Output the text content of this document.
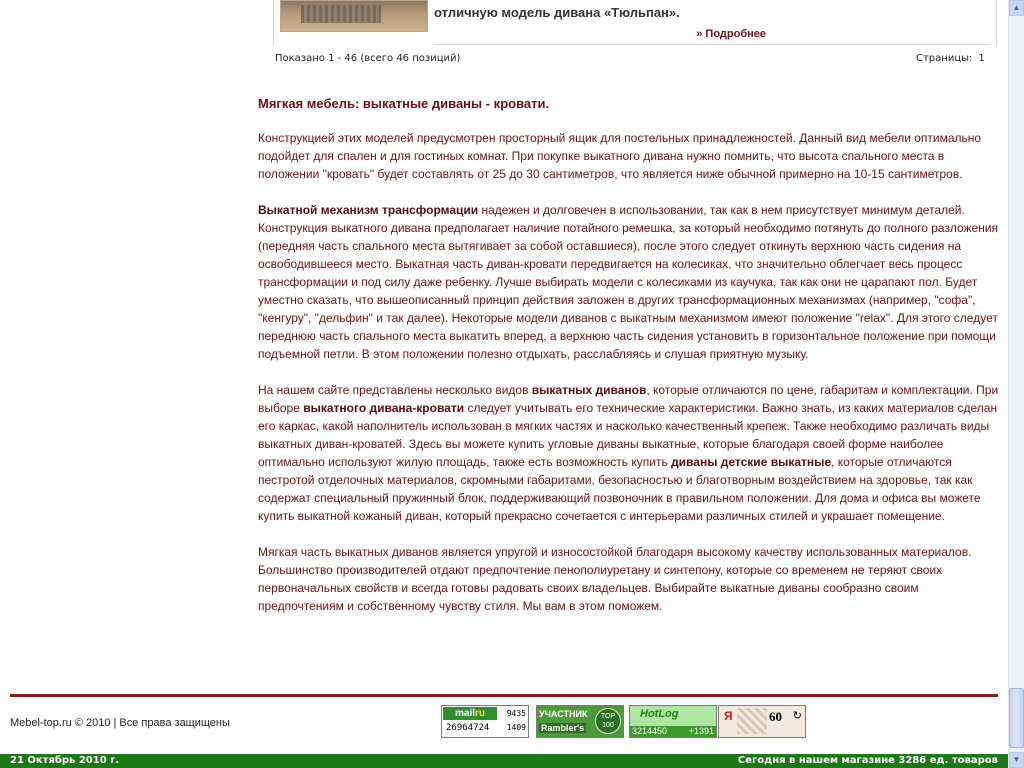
отличную модель дивана «Тюльпан».
» Подробнее
Показано 1 - 46 (всего 46 позиций)	Страницы: 1
Мягкая мебель: выкатные диваны - кровати.

Конструкцией этих моделей предусмотрен просторный ящик для постельных принадлежностей. Данный вид мебели оптимально подойдет для спален и для гостиных комнат. При покупке выкатного дивана нужно помнить, что высота спального места в положении "кровать" будет составлять от 25 до 30 сантиметров, что является ниже обычной примерно на 10-15 сантиметров.

Выкатной механизм трансформации надежен и долговечен в использовании, так как в нем присутствует минимум деталей. Конструкция выкатного дивана предполагает наличие потайного ремешка, за который необходимо потянуть до полного разложения (передняя часть спального места вытягивает за собой оставшиеся), после этого следует откинуть верхнюю часть сидения на освободившееся место. Выкатная часть диван-кровати передвигается на колесиках, что значительно облегчает весь процесс трансформации и под силу даже ребенку. Лучше выбирать модели с колесиками из каучука, так как они не царапают пол. Будет уместно сказать, что вышеописанный принцип действия заложен в других трансформационных механизмах (например, "софа", "кенгуру", "дельфин" и так далее). Некоторые модели диванов с выкатным механизмом имеют положение "relax". Для этого следует переднюю часть спального места выкатить вперед, а верхнюю часть сидения установить в горизонтальное положение при помощи подъемной петли. В этом положении полезно отдыхать, расслабляясь и слушая приятную музыку.

На нашем сайте представлены несколько видов выкатных диванов, которые отличаются по цене, габаритам и комплектации. При выборе выкатного дивана-кровати следует учитывать его технические характеристики. Важно знать, из каких материалов сделан его каркас, какой наполнитель использован в мягких частях и насколько качественный крепеж. Также необходимо различать виды выкатных диван-кроватей. Здесь вы можете купить угловые диваны выкатные, которые благодаря своей форме наиболее оптимально используют жилую площадь, также есть возможность купить диваны детские выкатные, которые отличаются пестротой отделочных материалов, скромными габаритами, безопасностью и благотворным воздействием на здоровье, так как содержат специальный пружинный блок, поддерживающий позвоночник в правильном положении. Для дома и офиса вы можете купить выкатной кожаный диван, который прекрасно сочетается с интерьерами различных стилей и украшает помещение.

Мягкая часть выкатных диванов является упругой и износостойкой благодаря высокому качеству использованных материалов. Большинство производителей отдают предпочтение пенополиуретану и синтепону, которые со временем не теряют своих первоначальных свойств и всегда готовы радовать своих владельцев. Выбирайте выкатные диваны сообразно своим предпочтениям и собственному чувству стиля. Мы вам в этом поможем.

Mebel-top.ru © 2010 | Все права защищены
mailru
26964724
9435
1409
УЧАСТНИК
Rambler's
TOP
100
HotLog
3214450 +1391
Я	60 ↻
21 Октябрь 2010 г.	Сегодня в нашем магазине 3286 ед. товаров
▲
▼
